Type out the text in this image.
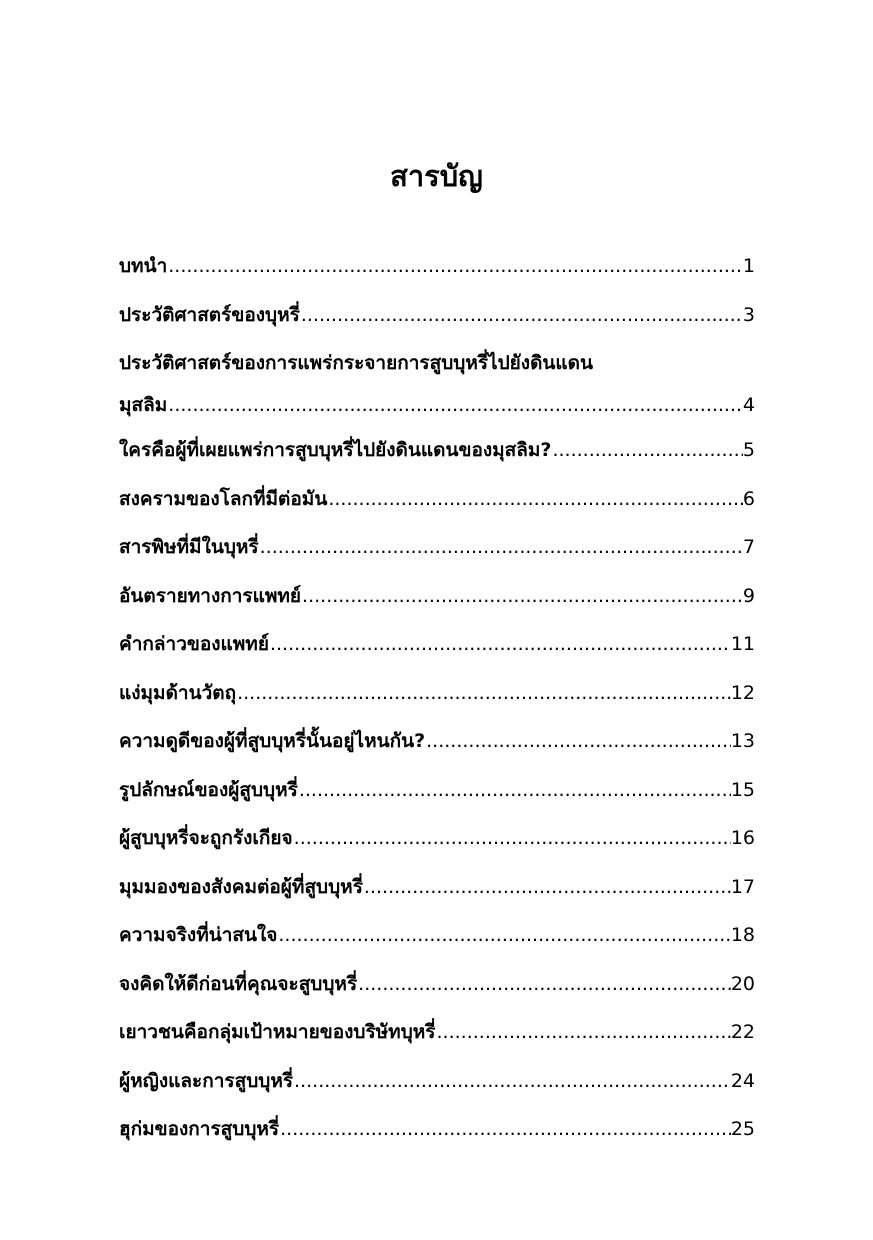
สารบัญ
บทนำ .....	1
ประวัติศาสตร์ของบุหรี่ .....	3
ประวัติศาสตร์ของการแพร่กระจายการสูบบุหรี่ไปยังดินแดน
มุสลิม .....	4
ใครคือผู้ที่เผยแพร่การสูบบุหรี่ไปยังดินแดนของมุสลิม? .....	5
สงครามของโลกที่มีต่อมัน .....	6
สารพิษที่มีในบุหรี่ .....	7
อันตรายทางการแพทย์ .....	9
คำกล่าวของแพทย์ .....	11
แง่มุมด้านวัตถุ .....	12
ความดูดีของผู้ที่สูบบุหรี่นั้นอยู่ไหนกัน? .....	13
รูปลักษณ์ของผู้สูบบุหรี่ .....	15
ผู้สูบบุหรี่จะถูกรังเกียจ .....	16
มุมมองของสังคมต่อผู้ที่สูบบุหรี่ .....	17
ความจริงที่น่าสนใจ .....	18
จงคิดให้ดีก่อนที่คุณจะสูบบุหรี่ .....	20
เยาวชนคือกลุ่มเป้าหมายของบริษัทบุหรี่ .....	22
ผู้หญิงและการสูบบุหรี่ .....	24
ฮุก่มของการสูบบุหรี่ .....	25
